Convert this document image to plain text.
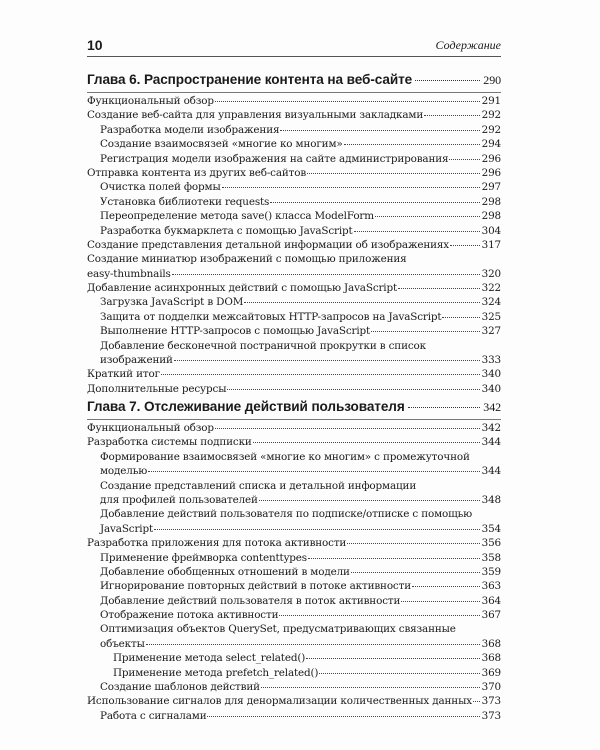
10	Содержание
Глава 6. Распространение контента на веб-сайте	290
Функциональный обзор	291
Создание веб-сайта для управления визуальными закладками	292
Разработка модели изображения	292
Создание взаимосвязей «многие ко многим»	294
Регистрация модели изображения на сайте администрирования	296
Отправка контента из других веб-сайтов	296
Очистка полей формы	297
Установка библиотеки requests	298
Переопределение метода save() класса ModelForm	298
Разработка букмарклета с помощью JavaScript	304
Создание представления детальной информации об изображениях	317
Создание миниатюр изображений с помощью приложения
easy-thumbnails	320
Добавление асинхронных действий с помощью JavaScript	322
Загрузка JavaScript в DOM	324
Защита от подделки межсайтовых HTTP-запросов на JavaScript	325
Выполнение HTTP-запросов с помощью JavaScript	327
Добавление бесконечной постраничной прокрутки в список
изображений	333
Краткий итог	340
Дополнительные ресурсы	340
Глава 7. Отслеживание действий пользователя	342
Функциональный обзор	342
Разработка системы подписки	344
Формирование взаимосвязей «многие ко многим» с промежуточной
моделью	344
Создание представлений списка и детальной информации
для профилей пользователей	348
Добавление действий пользователя по подписке/отписке с помощью
JavaScript	354
Разработка приложения для потока активности	356
Применение фреймворка contenttypes	358
Добавление обобщенных отношений в модели	359
Игнорирование повторных действий в потоке активности	363
Добавление действий пользователя в поток активности	364
Отображение потока активности	367
Оптимизация объектов QuerySet, предусматривающих связанные
объекты	368
Применение метода select_related()	368
Применение метода prefetch_related()	369
Создание шаблонов действий	370
Использование сигналов для денормализации количественных данных 373
Работа с сигналами	373
